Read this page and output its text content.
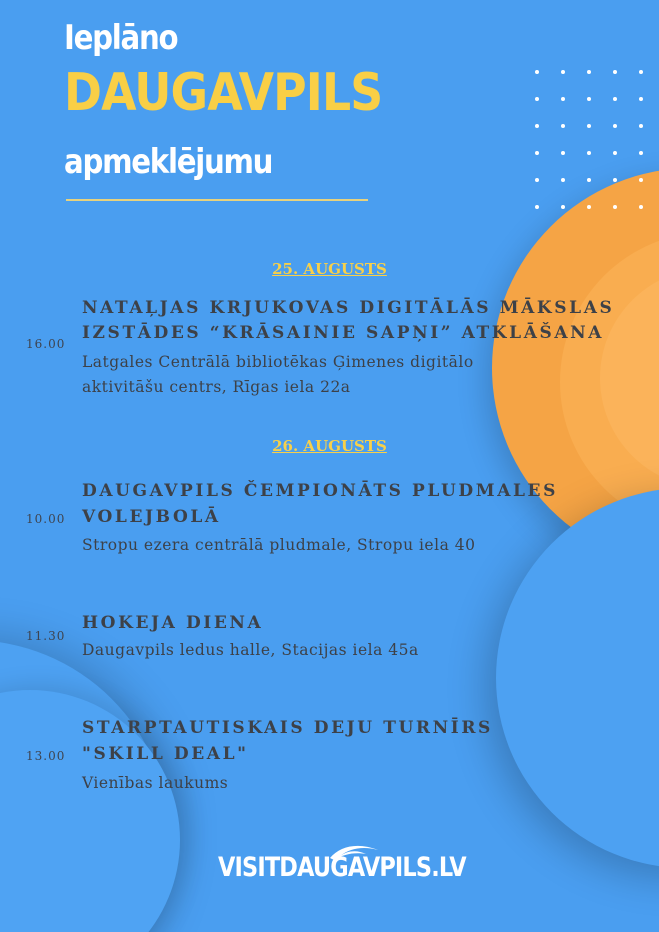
Ieplāno
DAUGAVPILS
apmeklējumu
25. AUGUSTS
16.00
NATAĻJAS KRJUKOVAS DIGITĀLĀS MĀKSLAS
IZSTĀDES “KRĀSAINIE SAPŅI” ATKLĀŠANA
Latgales Centrālā bibliotēkas Ģimenes digitālo
aktivitāšu centrs, Rīgas iela 22a
26. AUGUSTS
10.00
DAUGAVPILS ČEMPIONĀTS PLUDMALES
VOLEJBOLĀ
Stropu ezera centrālā pludmale, Stropu iela 40
11.30
HOKEJA DIENA
Daugavpils ledus halle, Stacijas iela 45a
13.00
STARPTAUTISKAIS DEJU TURNĪRS
"SKILL DEAL"
Vienības laukums
VISITDAUGAVPILS.LV
